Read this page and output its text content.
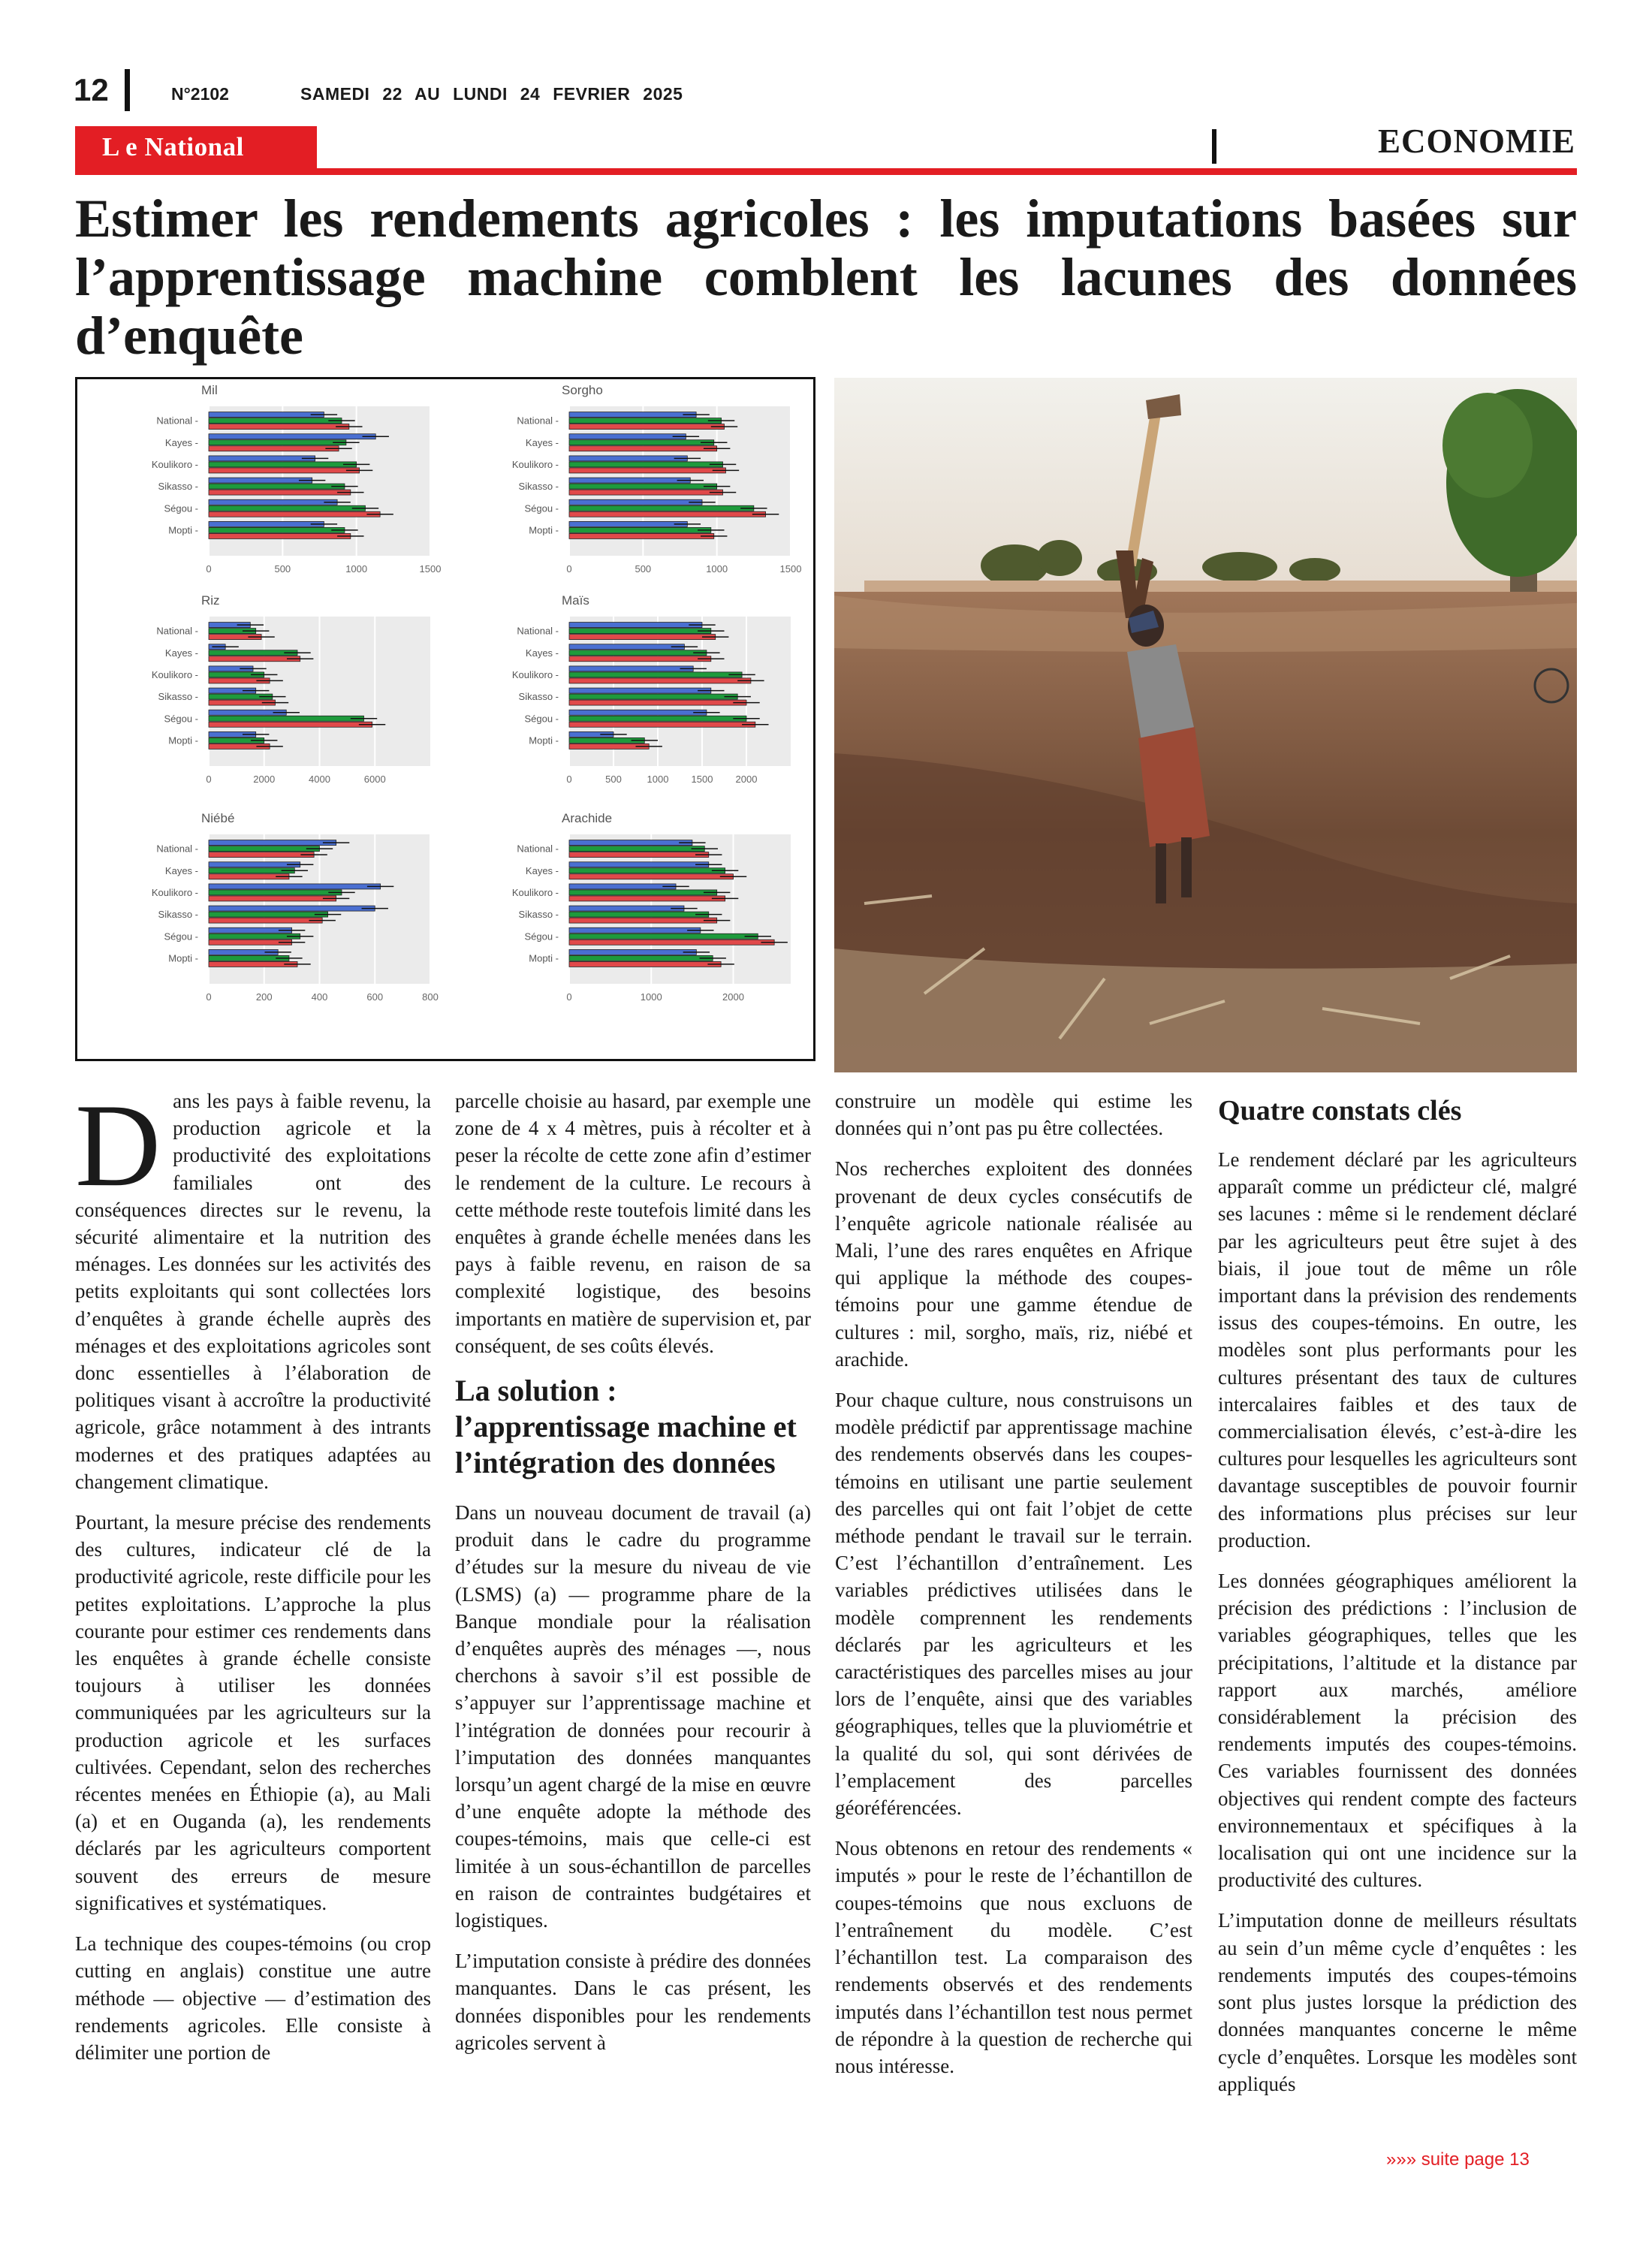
12	N°2102	SAMEDI 22 AU LUNDI 24 FEVRIER 2025
L e National	ECONOMIE
Estimer les rendements agricoles : les imputations basées sur l’apprentissage machine comblent les lacunes des données d’enquête
Mil
0	500	1000	1500
National -
Kayes -
Koulikoro -
Sikasso -
Ségou -
Mopti -
Sorgho
0	500	1000	1500
National -
Kayes -
Koulikoro -
Sikasso -
Ségou -
Mopti -
Riz
0	2000	4000	6000
National -
Kayes -
Koulikoro -
Sikasso -
Ségou -
Mopti -
Maïs
0	500	1000 1500 2000
National -
Kayes -
Koulikoro -
Sikasso -
Ségou -
Mopti -
Niébé
0	200	400	600	800
National -
Kayes -
Koulikoro -
Sikasso -
Ségou -
Mopti -
Arachide
0	1000	2000
National -
Kayes -
Koulikoro -
Sikasso -
Ségou -
Mopti -

Dans les pays à faible revenu, la production agricole et la productivité des exploitations familiales ont des conséquences directes sur le revenu, la sécurité alimentaire et la nutrition des ménages. Les données sur les activités des petits exploitants qui sont collectées lors d’enquêtes à grande échelle auprès des ménages et des exploitations agricoles sont donc essentielles à l’élaboration de politiques visant à accroître la productivité agricole, grâce notamment à des intrants modernes et des pratiques adaptées au changement climatique.

Pourtant, la mesure précise des rendements des cultures, indicateur clé de la productivité agricole, reste difficile pour les petites exploitations. L’approche la plus courante pour estimer ces rendements dans les enquêtes à grande échelle consiste toujours à utiliser les données communiquées par les agriculteurs sur la production agricole et les surfaces cultivées. Cependant, selon des recherches récentes menées en Éthiopie (a), au Mali (a) et en Ouganda (a), les rendements déclarés par les agriculteurs comportent souvent des erreurs de mesure significatives et systématiques.

La technique des coupes-témoins (ou crop cutting en anglais) constitue une autre méthode — objective — d’estimation des rendements agricoles. Elle consiste à délimiter une portion de

parcelle choisie au hasard, par exemple une zone de 4 x 4 mètres, puis à récolter et à peser la récolte de cette zone afin d’estimer le rendement de la culture. Le recours à cette méthode reste toutefois limité dans les enquêtes à grande échelle menées dans les pays à faible revenu, en raison de sa complexité logistique, des besoins importants en matière de supervision et, par conséquent, de ses coûts élevés.

La solution : l’apprentissage machine et l’intégration des données

Dans un nouveau document de travail (a) produit dans le cadre du programme d’études sur la mesure du niveau de vie (LSMS) (a) — programme phare de la Banque mondiale pour la réalisation d’enquêtes auprès des ménages —, nous cherchons à savoir s’il est possible de s’appuyer sur l’apprentissage machine et l’intégration de données pour recourir à l’imputation des données manquantes lorsqu’un agent chargé de la mise en œuvre d’une enquête adopte la méthode des coupes-témoins, mais que celle-ci est limitée à un sous-échantillon de parcelles en raison de contraintes budgétaires et logistiques.

L’imputation consiste à prédire des données manquantes. Dans le cas présent, les données disponibles pour les rendements agricoles servent à

construire un modèle qui estime les données qui n’ont pas pu être collectées.

Nos recherches exploitent des données provenant de deux cycles consécutifs de l’enquête agricole nationale réalisée au Mali, l’une des rares enquêtes en Afrique qui applique la méthode des coupes-témoins pour une gamme étendue de cultures : mil, sorgho, maïs, riz, niébé et arachide.

Pour chaque culture, nous construisons un modèle prédictif par apprentissage machine des rendements observés dans les coupes-témoins en utilisant une partie seulement des parcelles qui ont fait l’objet de cette méthode pendant le travail sur le terrain. C’est l’échantillon d’entraînement. Les variables prédictives utilisées dans le modèle comprennent les rendements déclarés par les agriculteurs et les caractéristiques des parcelles mises au jour lors de l’enquête, ainsi que des variables géographiques, telles que la pluviométrie et la qualité du sol, qui sont dérivées de l’emplacement des parcelles géoréférencées.

Nous obtenons en retour des rendements « imputés » pour le reste de l’échantillon de coupes-témoins que nous excluons de l’entraînement du modèle. C’est l’échantillon test. La comparaison des rendements observés et des rendements imputés dans l’échantillon test nous permet de répondre à la question de recherche qui nous intéresse.

Quatre constats clés

Le rendement déclaré par les agriculteurs apparaît comme un prédicteur clé, malgré ses lacunes : même si le rendement déclaré par les agriculteurs peut être sujet à des biais, il joue tout de même un rôle important dans la prévision des rendements issus des coupes-témoins. En outre, les modèles sont plus performants pour les cultures présentant des taux de cultures intercalaires faibles et des taux de commercialisation élevés, c’est-à-dire les cultures pour lesquelles les agriculteurs sont davantage susceptibles de pouvoir fournir des informations plus précises sur leur production.

Les données géographiques améliorent la précision des prédictions : l’inclusion de variables géographiques, telles que les précipitations, l’altitude et la distance par rapport aux marchés, améliore considérablement la précision des rendements imputés des coupes-témoins. Ces variables fournissent des données objectives qui rendent compte des facteurs environnementaux et spécifiques à la localisation qui ont une incidence sur la productivité des cultures.

L’imputation donne de meilleurs résultats au sein d’un même cycle d’enquêtes : les rendements imputés des coupes-témoins sont plus justes lorsque la prédiction des données manquantes concerne le même cycle d’enquêtes. Lorsque les modèles sont appliqués

»»» suite page 13
